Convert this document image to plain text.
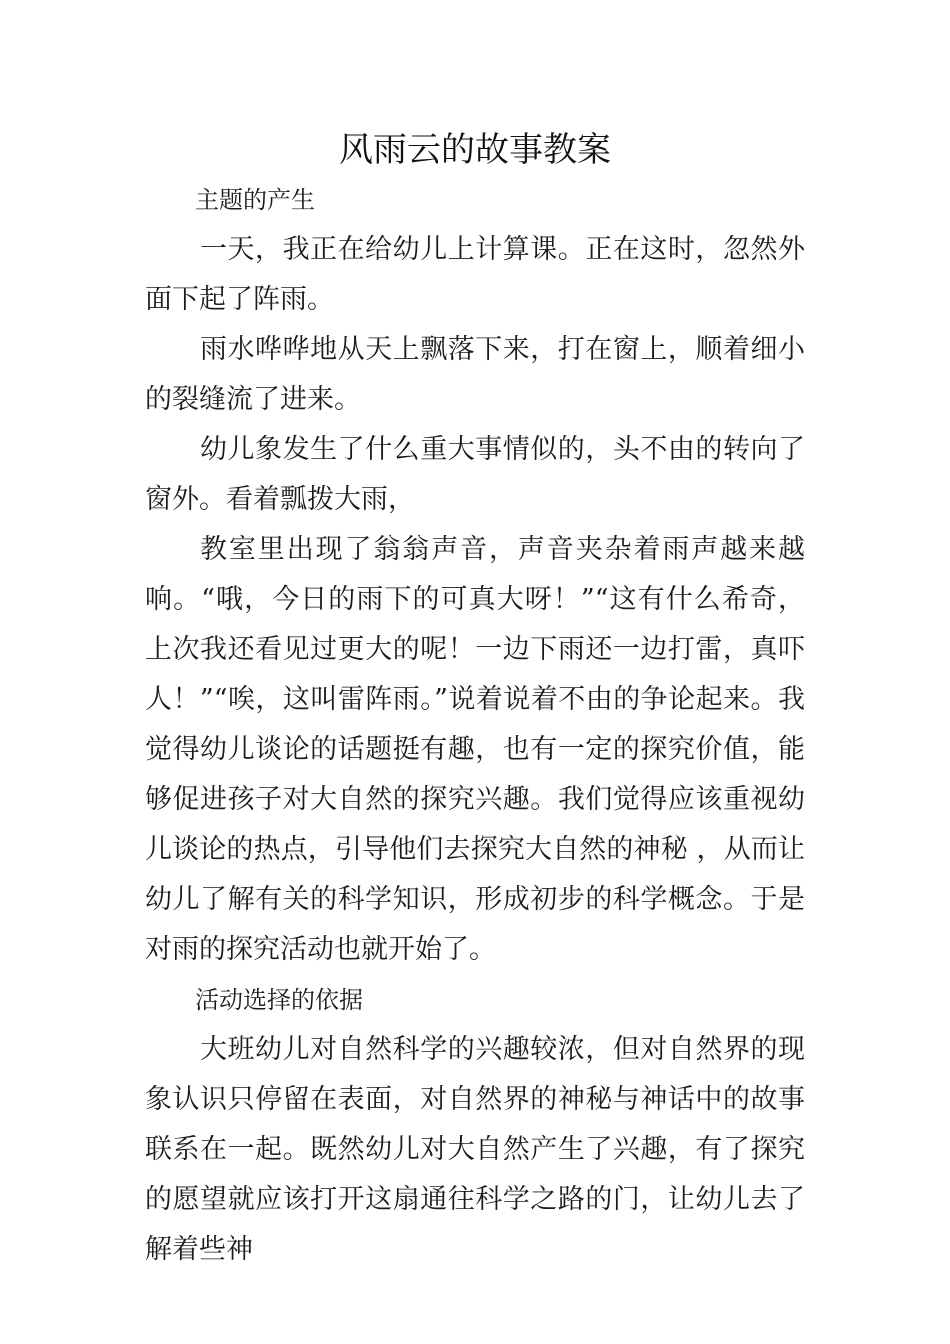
风雨云的故事教案

主题的产生

一天，我正在给幼儿上计算课。正在这时，忽然外面下起了阵雨。

雨水哗哗地从天上飘落下来，打在窗上，顺着细小的裂缝流了进来。

幼儿象发生了什么重大事情似的，头不由的转向了窗外。看着瓢拨大雨，

教室里出现了翁翁声音，声音夹杂着雨声越来越响。“哦，今日的雨下的可真大呀！”“这有什么希奇，上次我还看见过更大的呢！一边下雨还一边打雷，真吓人！”“唉，这叫雷阵雨。”说着说着不由的争论起来。我觉得幼儿谈论的话题挺有趣，也有一定的探究价值，能够促进孩子对大自然的探究兴趣。我们觉得应该重视幼儿谈论的热点，引导他们去探究大自然的神秘 ，从而让幼儿了解有关的科学知识，形成初步的科学概念。于是对雨的探究活动也就开始了。

活动选择的依据

大班幼儿对自然科学的兴趣较浓，但对自然界的现象认识只停留在表面，对自然界的神秘与神话中的故事联系在一起。既然幼儿对大自然产生了兴趣，有了探究的愿望就应该打开这扇通往科学之路的门，让幼儿去了解着些神
